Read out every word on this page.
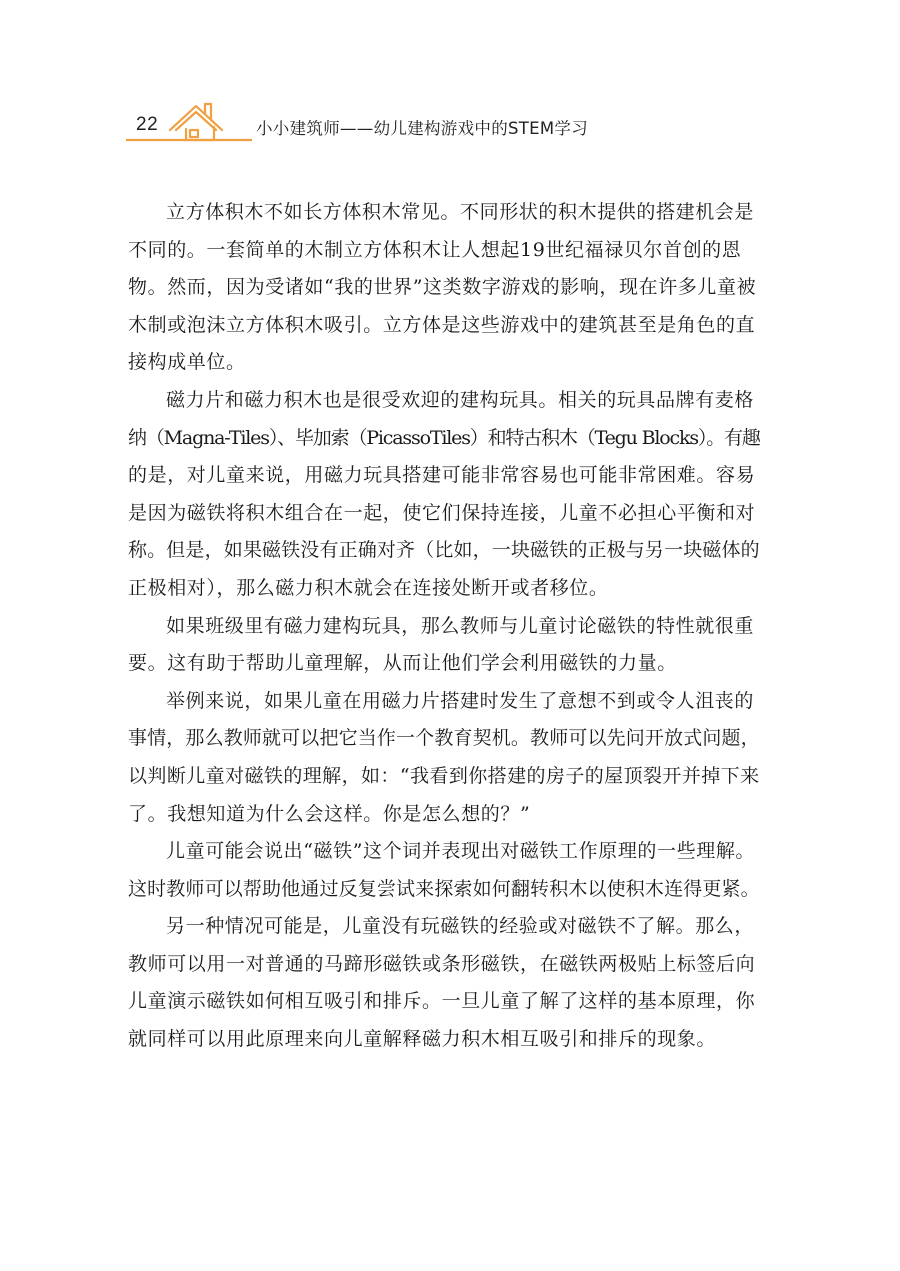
22	小小建筑师——幼儿建构游戏中的STEM学习
立方体积木不如长方体积木常见。不同形状的积木提供的搭建机会是
不同的。一套简单的木制立方体积木让人想起19世纪福禄贝尔首创的恩
物。然而，因为受诸如“我的世界”这类数字游戏的影响，现在许多儿童被
木制或泡沫立方体积木吸引。立方体是这些游戏中的建筑甚至是角色的直
接构成单位。
磁力片和磁力积木也是很受欢迎的建构玩具。相关的玩具品牌有麦格
纳（Magna-Tiles）、毕加索（PicassoTiles）和特古积木（Tegu Blocks）。有趣
的是，对儿童来说，用磁力玩具搭建可能非常容易也可能非常困难。容易
是因为磁铁将积木组合在一起，使它们保持连接，儿童不必担心平衡和对
称。但是，如果磁铁没有正确对齐（比如，一块磁铁的正极与另一块磁体的
正极相对），那么磁力积木就会在连接处断开或者移位。
如果班级里有磁力建构玩具，那么教师与儿童讨论磁铁的特性就很重
要。这有助于帮助儿童理解，从而让他们学会利用磁铁的力量。
举例来说，如果儿童在用磁力片搭建时发生了意想不到或令人沮丧的
事情，那么教师就可以把它当作一个教育契机。教师可以先问开放式问题，
以判断儿童对磁铁的理解，如：“我看到你搭建的房子的屋顶裂开并掉下来
了。我想知道为什么会这样。你是怎么想的？”
儿童可能会说出“磁铁”这个词并表现出对磁铁工作原理的一些理解。
这时教师可以帮助他通过反复尝试来探索如何翻转积木以使积木连得更紧。
另一种情况可能是，儿童没有玩磁铁的经验或对磁铁不了解。那么，
教师可以用一对普通的马蹄形磁铁或条形磁铁，在磁铁两极贴上标签后向
儿童演示磁铁如何相互吸引和排斥。一旦儿童了解了这样的基本原理，你
就同样可以用此原理来向儿童解释磁力积木相互吸引和排斥的现象。
